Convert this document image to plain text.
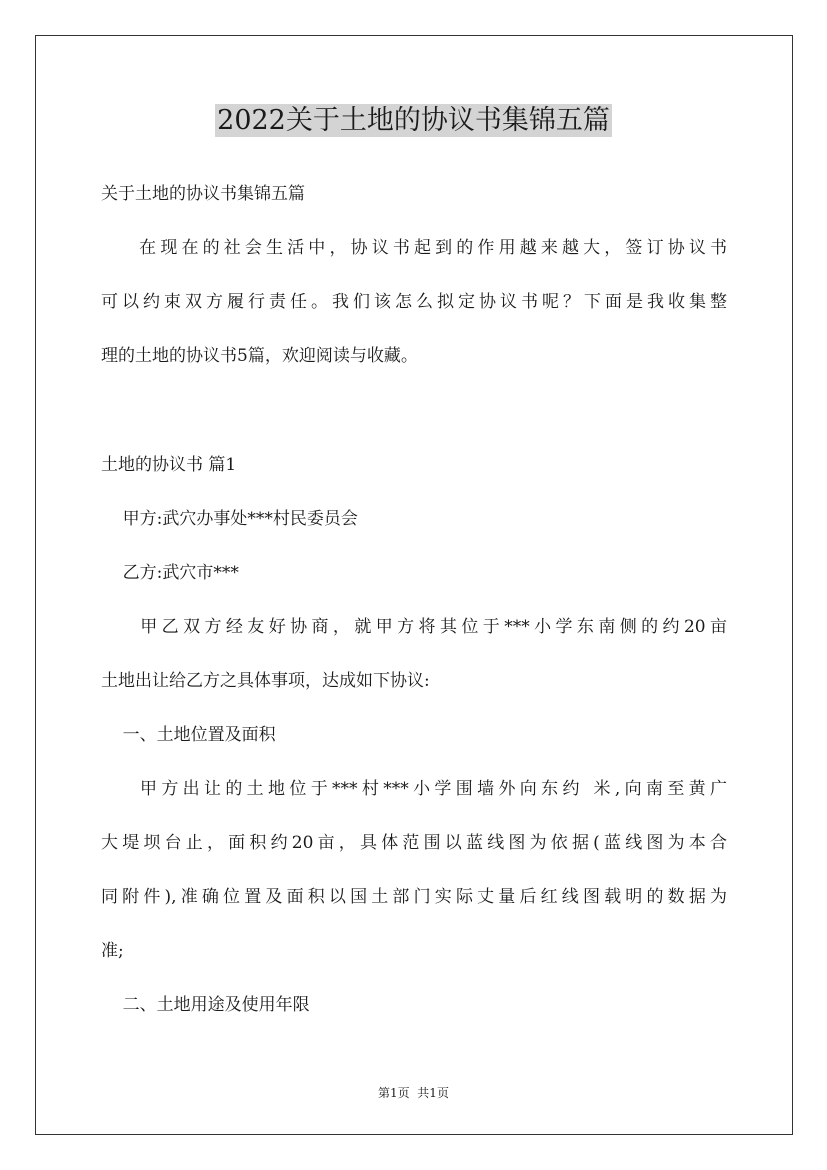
2022关于土地的协议书集锦五篇

关于土地的协议书集锦五篇

在现在的社会生活中，协议书起到的作用越来越大，签订协议书

可以约束双方履行责任。我们该怎么拟定协议书呢？下面是我收集整

理的土地的协议书5篇，欢迎阅读与收藏。

土地的协议书 篇1

甲方:武穴办事处***村民委员会

乙方:武穴市***

甲乙双方经友好协商，就甲方将其位于***小学东南侧的约20亩

土地出让给乙方之具体事项，达成如下协议:

一、土地位置及面积

甲方出让的土地位于***村***小学围墙外向东约 米,向南至黄广

大堤坝台止，面积约20亩，具体范围以蓝线图为依据(蓝线图为本合

同附件),准确位置及面积以国土部门实际丈量后红线图载明的数据为

准;

二、土地用途及使用年限

第1页  共1页
